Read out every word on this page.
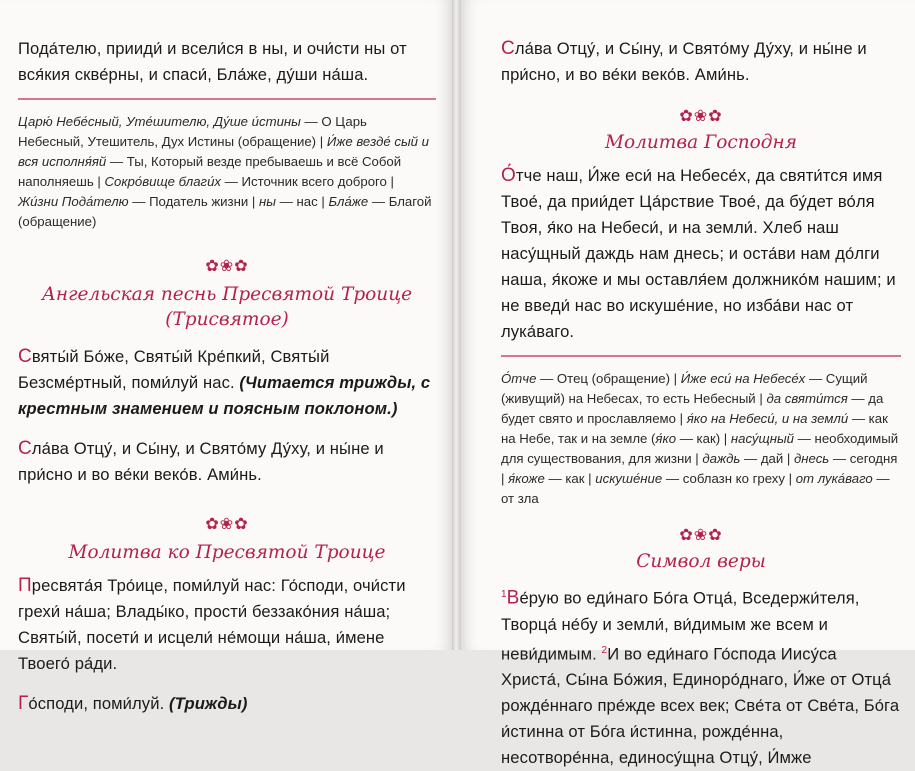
Пода́телю, прииди́ и всели́ся в ны, и очи́сти ны от вся́кия скве́рны, и спаси́, Бла́же, ду́ши на́ша.

Царю́ Небе́сный, Уте́шителю, Ду́ше и́стины — О Царь Небесный, Утешитель, Дух Истины (обращение) | И́же везде́ сый и вся исполня́яй — Ты, Который везде пребываешь и всё Собой наполняешь | Сокро́вище благи́х — Источник всего доброго | Жи́зни Пода́телю — Податель жизни | ны — нас | Бла́же — Благой (обращение)

✿❀✿
Ангельская песнь Пресвятой Троице (Трисвятое)

Святы́й Бо́же, Святы́й Кре́пкий, Святы́й Безсме́ртный, поми́луй нас. (Читается трижды, с крестным знамением и поясным поклоном.)

Сла́ва Отцу́, и Сы́ну, и Свято́му Ду́ху, и ны́не и при́сно и во ве́ки веко́в. Ами́нь.

✿❀✿
Молитва ко Пресвятой Троице

Пресвята́я Тро́ице, поми́луй нас: Го́споди, очи́сти грехи́ на́ша; Влады́ко, прости́ беззако́ния на́ша; Святы́й, посети́ и исцели́ не́мощи на́ша, и́мене Твоего́ ра́ди.

Го́споди, поми́луй. (Трижды)

Сла́ва Отцу́, и Сы́ну, и Свято́му Ду́ху, и ны́не и при́сно, и во ве́ки веко́в. Ами́нь.

✿❀✿
Молитва Господня

О́тче наш, И́же еси́ на Небесе́х, да святи́тся имя Твое́, да прии́дет Ца́рствие Твое́, да бу́дет во́ля Твоя, я́ко на Небеси́, и на земли́. Хлеб наш насу́щный даждь нам днесь; и оста́ви нам до́лги наша, я́коже и мы оставля́ем должнико́м нашим; и не введи́ нас во искуше́ние, но изба́ви нас от лука́ваго.

О́тче — Отец (обращение) | И́же еси́ на Небесе́х — Сущий (живущий) на Небесах, то есть Небесный | да святи́тся — да будет свято и прославляемо | я́ко на Небеси́, и на земли́ — как на Небе, так и на земле (я́ко — как) | насу́щный — необходимый для существования, для жизни | даждь — дай | днесь — сегодня | я́коже — как | искуше́ние — соблазн ко греху | от лука́ваго — от зла

✿❀✿
Символ веры

$^1$Ве́рую во еди́наго Бо́га Отца́, Вседержи́теля, Творца́ не́бу и земли́, ви́димым же всем и неви́димым. $^2$И во еди́наго Го́спода Иису́са Христа́, Сы́на Бо́жия, Единоро́днаго, И́же от Отца́ рожде́ннаго пре́жде всех век; Све́та от Све́та, Бо́га и́стинна от Бо́га и́стинна, рожде́нна, несотворе́нна, единосу́щна Отцу́, И́мже
